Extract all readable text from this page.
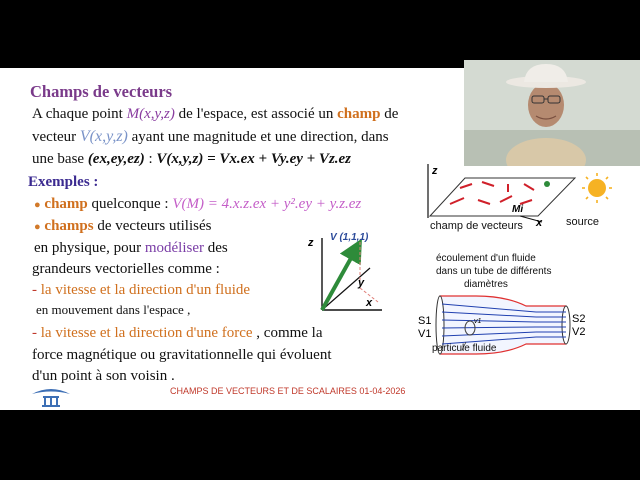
Champs de vecteurs
A chaque point M(x,y,z) de l'espace, est associé un champ de
vecteur V(x,y,z) ayant une magnitude et une direction, dans
une base (ex,ey,ez) : V(x,y,z) = Vx.ex + Vy.ey + Vz.ez
Exemples :
● champ quelconque : V(M) = 4.x.z.ex + y².ey + y.z.ez
● champs de vecteurs utilisés
en physique, pour modéliser des
grandeurs vectorielles comme :
- la vitesse et la direction d'un fluide
en mouvement dans l'espace ,
- la vitesse et la direction d'une force , comme la
force magnétique ou gravitationnelle qui évoluent
d'un point à son voisin .
CHAMPS DE VECTEURS ET DE SCALAIRES 01-04-2026
z V (1,1,1)
y
x
z
Mi
x
champ de vecteurs	source
écoulement d'un fluide
dans un tube de différents
diamètres
v1
S1
V1
S2
V2
particule fluide
